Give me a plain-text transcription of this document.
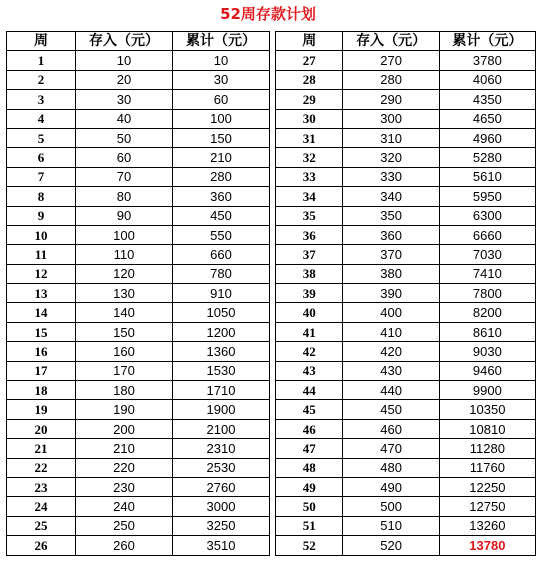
52周存款计划
周	存入（元）	累计（元）
1	10	10
2	20	30
3	30	60
4	40	100
5	50	150
6	60	210
7	70	280
8	80	360
9	90	450
10	100	550
11	110	660
12	120	780
13	130	910
14	140	1050
15	150	1200
16	160	1360
17	170	1530
18	180	1710
19	190	1900
20	200	2100
21	210	2310
22	220	2530
23	230	2760
24	240	3000
25	250	3250
26	260	3510
周	存入（元）	累计（元）
27	270	3780
28	280	4060
29	290	4350
30	300	4650
31	310	4960
32	320	5280
33	330	5610
34	340	5950
35	350	6300
36	360	6660
37	370	7030
38	380	7410
39	390	7800
40	400	8200
41	410	8610
42	420	9030
43	430	9460
44	440	9900
45	450	10350
46	460	10810
47	470	11280
48	480	11760
49	490	12250
50	500	12750
51	510	13260
52	520	13780
